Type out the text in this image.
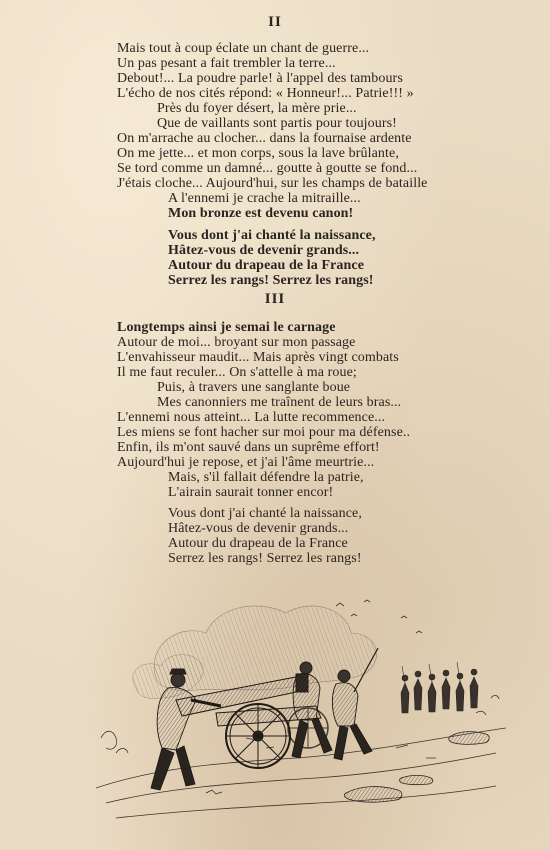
II
Mais tout à coup éclate un chant de guerre...
Un pas pesant a fait trembler la terre...
Debout!... La poudre parle! à l'appel des tambours
L'écho de nos cités répond: « Honneur!... Patrie!!! »
Près du foyer désert, la mère prie...
Que de vaillants sont partis pour toujours!
On m'arrache au clocher... dans la fournaise ardente
On me jette... et mon corps, sous la lave brûlante,
Se tord comme un damné... goutte à goutte se fond...
J'étais cloche... Aujourd'hui, sur les champs de bataille
A l'ennemi je crache la mitraille...
Mon bronze est devenu canon!
Vous dont j'ai chanté la naissance,
Hâtez-vous de devenir grands...
Autour du drapeau de la France
Serrez les rangs! Serrez les rangs!
III
Longtemps ainsi je semai le carnage
Autour de moi... broyant sur mon passage
L'envahisseur maudit... Mais après vingt combats
Il me faut reculer... On s'attelle à ma roue;
Puis, à travers une sanglante boue
Mes canonniers me traînent de leurs bras...
L'ennemi nous atteint... La lutte recommence...
Les miens se font hacher sur moi pour ma défense..
Enfin, ils m'ont sauvé dans un suprême effort!
Aujourd'hui je repose, et j'ai l'âme meurtrie...
Mais, s'il fallait défendre la patrie,
L'airain saurait tonner encor!
Vous dont j'ai chanté la naissance,
Hâtez-vous de devenir grands...
Autour du drapeau de la France
Serrez les rangs! Serrez les rangs!
